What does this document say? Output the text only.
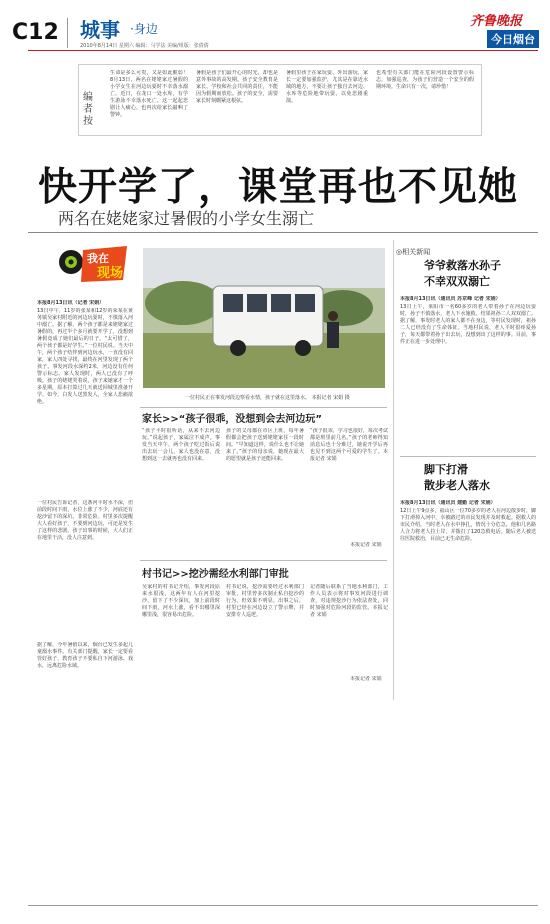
C12 城事 ·身边
2010年8月14日 星期六 编辑：马学法 美编/组版：张倩倩
齐鲁晚报
今日烟台
编者按
生命是多么可贵，又是如此脆弱！8月13日，两名在姥姥家过暑假的小学女生在河边玩耍时不幸落水溺亡。近日，在龙口一处水库，有学生游泳不幸落水死亡。这一起起悲剧让人痛心，也再次给家长敲响了警钟。
暑假是孩子们最开心的时光，却也是意外事故的高发期。孩子安全教育是家长、学校和社会共同的责任，不能因为假期而放松。孩子的安全，需要家长时刻绷紧这根弦。
暑假里孩子在家玩耍、外出游玩，家长一定要加强监护，尤其是在靠近水域的地方，不要让孩子独自去河边、水库等危险地带玩耍，以免悲剧重演。
也希望有关部门能在危险河段设置警示标志，加强巡查，为孩子们营造一个安全的假期环境。生命只有一次，请珍惜！
快开学了，课堂再也不见她
两名在姥姥家过暑假的小学女生溺亡
我在
现场
本报8月13日讯（记者 宋娟）
13日中午，11岁的张某和12岁的荣某在黄务镇吴家村附近的河边玩耍时，不慎落入河中溺亡。据了解，两个孩子都是来姥姥家过暑假的，再过半个多月就要开学了，没想到暑假竟成了她们最后的日子。“太可惜了，两个孩子都是好学生。”一位村民说。当天中午，两个孩子结伴到河边玩水，一直没有回家，家人四处寻找，最终在河里发现了两个孩子。事发河段水深约2米，河边没有任何警示标志。家人发现时，两人已没有了呼吸。孩子的姥姥哭着说，孩子来她家才一个多星期，原本打算过几天就送回城里准备开学。如今，白发人送黑发人，全家人悲痛欲绝。
一位村民告诉记者，这条河平时水不深，但前段时间下雨，水位上涨了不少，河底还有挖沙留下的深坑，非常危险。村里多次提醒大人看好孩子，不要到河边玩，可还是发生了这样的悲剧。孩子出事的时候，大人们正在地里干活，没人注意到。
据了解，今年暑假以来，烟台已发生多起儿童溺水事件。有关部门提醒，家长一定要看管好孩子，教育孩子不要私自下河游泳、戏水，远离危险水域。
一位村民正在事发河段边察看水情，孩子就在这里落水。 本报记者 宋娟 摄
家长>>“孩子很乖，没想到会去河边玩”
“孩子平时很听话，从来不去河边玩。”说起孩子，家属泣不成声。事发当天中午，两个孩子吃过饭后说出去玩一会儿，家人也没在意，没想到这一去就再也没有回来。
孩子的父母都在市区上班，每年暑假都会把孩子送到姥姥家住一段时间。“早知道这样，说什么也不让她来了。”孩子的母亲说，她现在最大的愿望就是孩子还能回来。
“孩子很乖，学习也很好，每次考试都是班里前几名。”孩子的老师得知消息后也十分难过，她说开学后再也见不到这两个可爱的学生了。本报记者 宋娟
本报记者 宋娟
村书记>>挖沙需经水利部门审批
吴家村的村书记介绍，事发河段原来水很浅，这两年有人在河里挖沙，留下了不少深坑，加上前段时间下雨，河水上涨，看不出哪里深哪里浅，很容易出危险。
村书记说，挖沙需要经过水利部门审批，村里曾多次制止私自挖沙的行为，但效果不明显。出事之后，村里已经在河边设立了警示牌，并安排专人巡逻。
记者随后联系了当地水利部门，工作人员表示将对事发河段进行调查，对违规挖沙行为依法查处，同时加强对危险河段的监管。本报记者 宋娟
本报记者 宋娟
◎相关新闻
爷爷救落水孙子
不幸双双溺亡
本报8月13日讯（通讯员 苏京峰 记者 宋娟）
13日上午，莱阳市一名60多岁的老人带着孙子在河边玩耍时，孙子不慎落水，老人下水施救，结果祖孙二人双双溺亡。据了解，事发时老人的家人都不在身边，等村民发现时，祖孙二人已经没有了生命体征。当地村民说，老人平时很疼爱孙子，每天都带着孙子出去玩，没想到出了这样的事。目前，事件正在进一步处理中。
脚下打滑
散步老人落水
本报8月13日讯（通讯员 建勤 记者 宋娟）
12日上午9点多，福山区一位70多岁的老人在河边散步时，脚下打滑掉入河中，幸被路过的市民发现并及时救起。据救人的市民介绍，当时老人在水中挣扎，情况十分危急，他和几名路人合力将老人拉上岸，并拨打了120急救电话。随后老人被送往医院救治，目前已无生命危险。
